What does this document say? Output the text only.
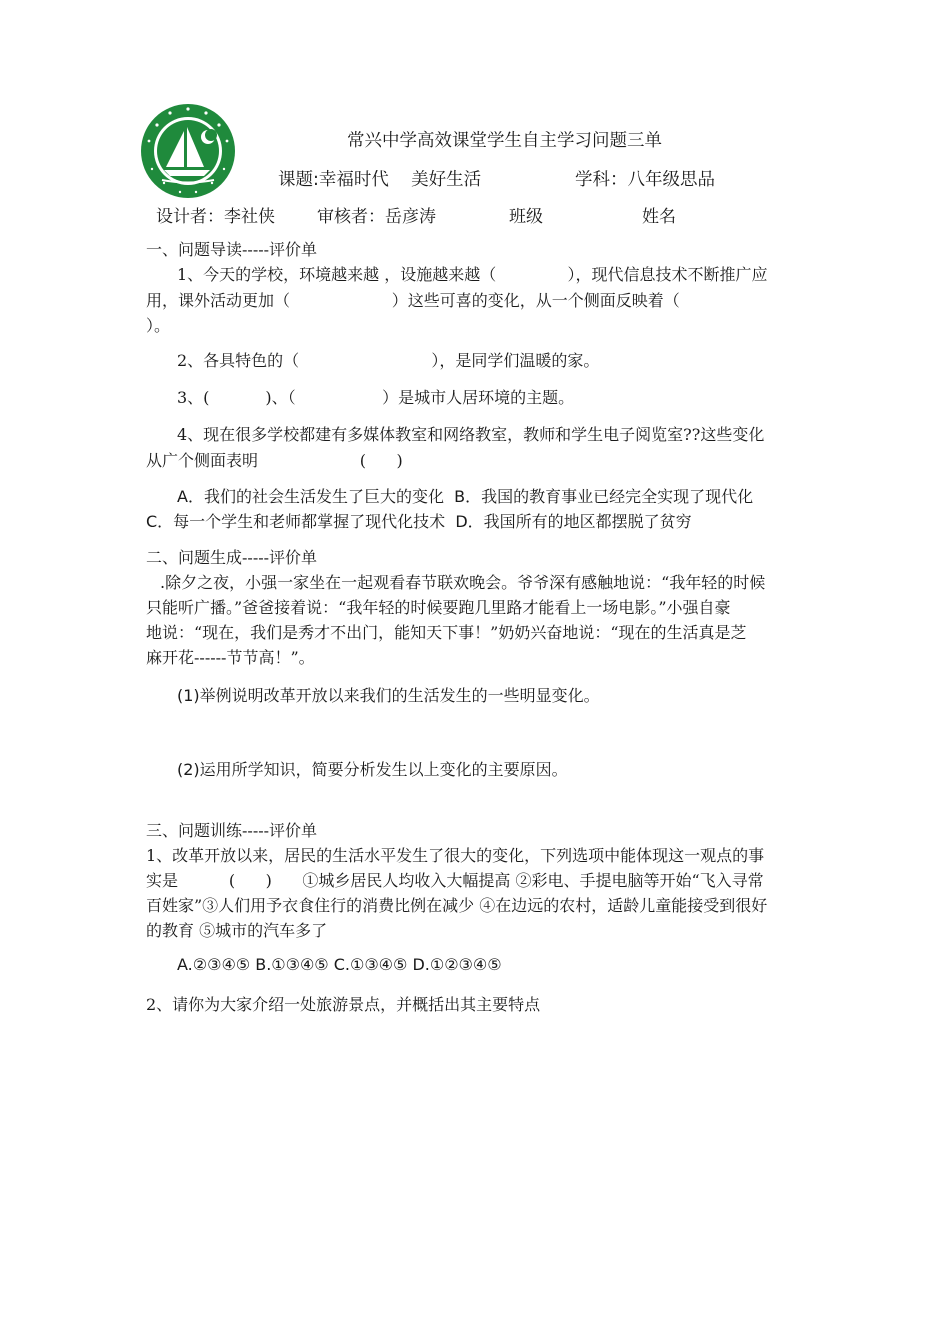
常兴中学高效课堂学生自主学习问题三单
课题:幸福时代    美好生活	学科：八年级思品
设计者：李社侠 审核者：岳彦涛	班级	姓名
一、问题导读-----评价单
1、今天的学校，环境越来越 ，设施越来越（              ），现代信息技术不断推广应
用，课外活动更加（                    ）这些可喜的变化，从一个侧面反映着（
）。
2、各具特色的（                          ），是同学们温暖的家。
3、(           )、（                 ）是城市人居环境的主题。
4、现在很多学校都建有多媒体教室和网络教室，教师和学生电子阅览室??这些变化
从广个侧面表明                    (      )
A．我们的社会生活发生了巨大的变化  B．我国的教育事业已经完全实现了现代化
C．每一个学生和老师都掌握了现代化技术  D．我国所有的地区都摆脱了贫穷
二、问题生成-----评价单
.除夕之夜，小强一家坐在一起观看春节联欢晚会。爷爷深有感触地说：“我年轻的时候
只能听广播。”爸爸接着说：“我年轻的时候要跑几里路才能看上一场电影。”小强自豪
地说：“现在，我们是秀才不出门，能知天下事！”奶奶兴奋地说：“现在的生活真是芝
麻开花------节节高！”。
(1)举例说明改革开放以来我们的生活发生的一些明显变化。
(2)运用所学知识，简要分析发生以上变化的主要原因。
三、问题训练-----评价单
1、改革开放以来，居民的生活水平发生了很大的变化，下列选项中能体现这一观点的事
实是          (      )      ①城乡居民人均收入大幅提高 ②彩电、手提电脑等开始“飞入寻常
百姓家”③人们用予衣食住行的消费比例在减少 ④在边远的农村，适龄儿童能接受到很好
的教育 ⑤城市的汽车多了
A.②③④⑤ B.①③④⑤ C.①③④⑤ D.①②③④⑤
2、请你为大家介绍一处旅游景点，并概括出其主要特点
